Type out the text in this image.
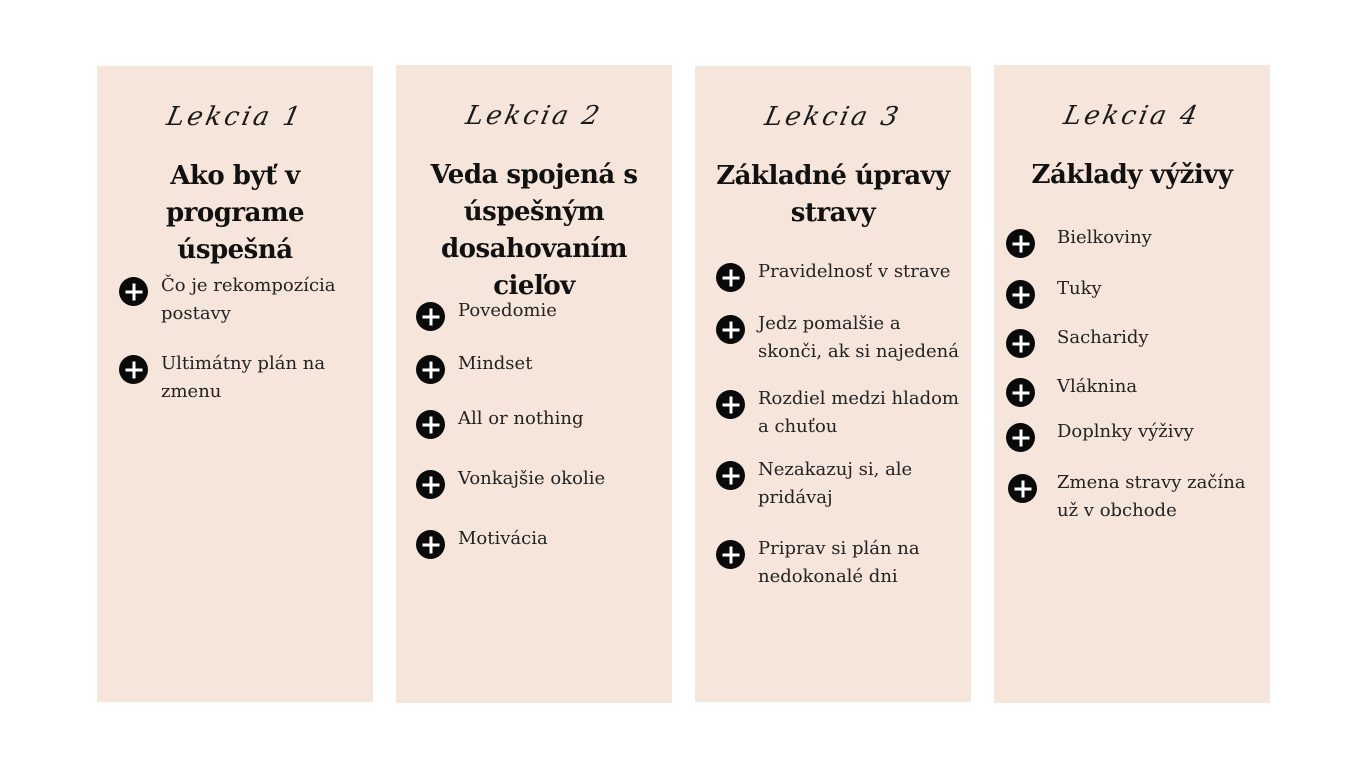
Lekcia 1
Ako byť v programe
úspešná
Čo je rekompozícia postavy
Ultimátny plán na zmenu
Lekcia 2
Veda spojená s
úspešným
dosahovaním cieľov
Povedomie
Mindset
All or nothing
Vonkajšie okolie
Motivácia
Lekcia 3
Základné úpravy
stravy
Pravidelnosť v strave
Jedz pomalšie a skonči, ak si najedená
Rozdiel medzi hladom a chuťou
Nezakazuj si, ale pridávaj
Priprav si plán na nedokonalé dni
Lekcia 4
Základy výživy
Bielkoviny
Tuky
Sacharidy
Vláknina
Doplnky výživy
Zmena stravy začína už v obchode
